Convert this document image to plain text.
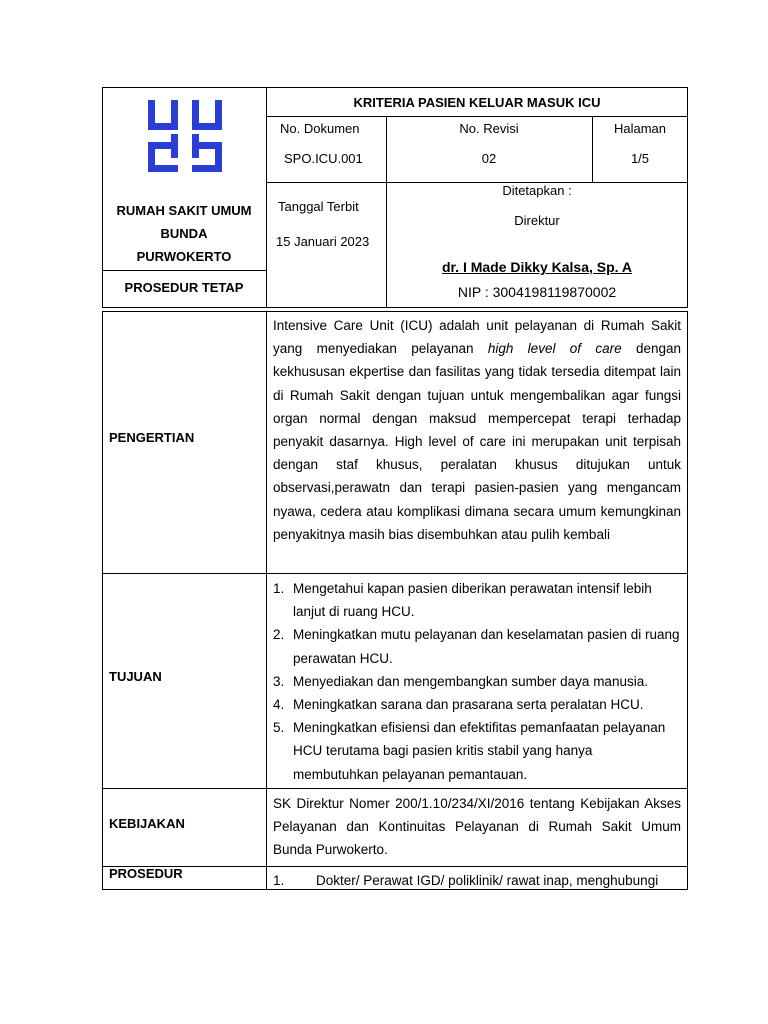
RUMAH SAKIT UMUM
BUNDA
PURWOKERTO
PROSEDUR TETAP
KRITERIA PASIEN KELUAR MASUK ICU
No. Dokumen
SPO.ICU.001
No. Revisi
02
Halaman
1/5
Tanggal Terbit
15 Januari 2023
Ditetapkan :
Direktur
dr. I Made Dikky Kalsa, Sp. A
NIP : 3004198119870002
PENGERTIAN

Intensive Care Unit (ICU) adalah unit pelayanan di Rumah Sakit yang menyediakan pelayanan high level of care dengan kekhususan ekpertise dan fasilitas yang tidak tersedia ditempat lain di Rumah Sakit dengan tujuan untuk mengembalikan agar fungsi organ normal dengan maksud mempercepat terapi terhadap penyakit dasarnya. High level of care ini merupakan unit terpisah dengan staf khusus, peralatan khusus ditujukan untuk observasi,perawatn dan terapi pasien-pasien yang mengancam nyawa, cedera atau komplikasi dimana secara umum kemungkinan penyakitnya masih bias disembuhkan atau pulih kembali

TUJUAN
1. Mengetahui kapan pasien diberikan perawatan intensif lebih lanjut di ruang HCU.
2. Meningkatkan mutu pelayanan dan keselamatan pasien di ruang perawatan HCU.
3. Menyediakan dan mengembangkan sumber daya manusia.
4. Meningkatkan sarana dan prasarana serta peralatan HCU.
5. Meningkatkan efisiensi dan efektifitas pemanfaatan pelayanan HCU terutama bagi pasien kritis stabil yang hanya membutuhkan pelayanan pemantauan.
KEBIJAKAN

SK Direktur Nomer 200/1.10/234/XI/2016 tentang Kebijakan Akses Pelayanan dan Kontinuitas Pelayanan di Rumah Sakit Umum Bunda Purwokerto.

PROSEDUR	1. Dokter/ Perawat IGD/ poliklinik/ rawat inap, menghubungi
